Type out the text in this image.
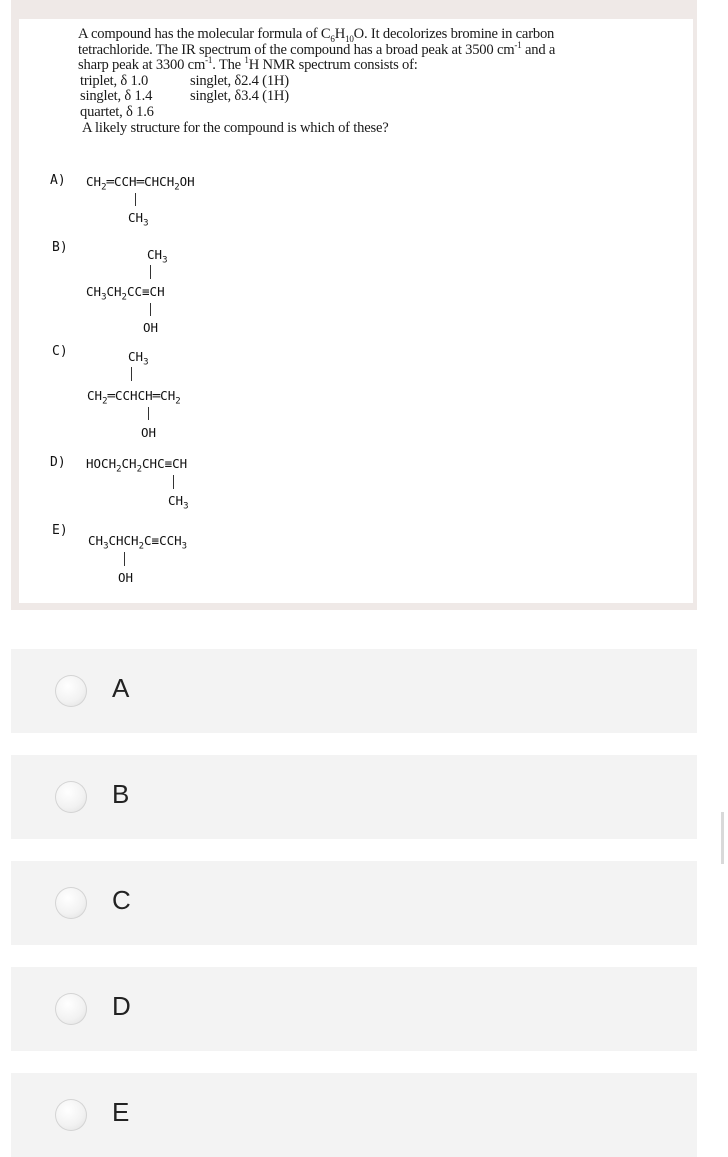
A compound has the molecular formula of $C_6H_{10}O$. It decolorizes bromine in carbon
tetrachloride. The IR spectrum of the compound has a broad peak at 3500 $cm^{-1}$ and a
sharp peak at 3300 $cm^{-1}$. The $^1$H NMR spectrum consists of:
triplet, δ 1.0	singlet, δ2.4 (1H)
singlet, δ 1.4	singlet, δ3.4 (1H)
quartet, δ 1.6
A likely structure for the compound is which of these?
A) $CH_2═CCH═CHCH_2OH$
$CH_3$
B)	$CH_3$
$CH_3CH_2CC\equiv CH$
OH
C)	$CH_3$
$CH_2═CCHCH═CH_2$
OH
D) $HOCH_2CH_2CHC\equiv CH$
$CH_3$
E)
$CH_3CHCH_2C\equiv CCH_3$
OH
A
B
C
D
E
